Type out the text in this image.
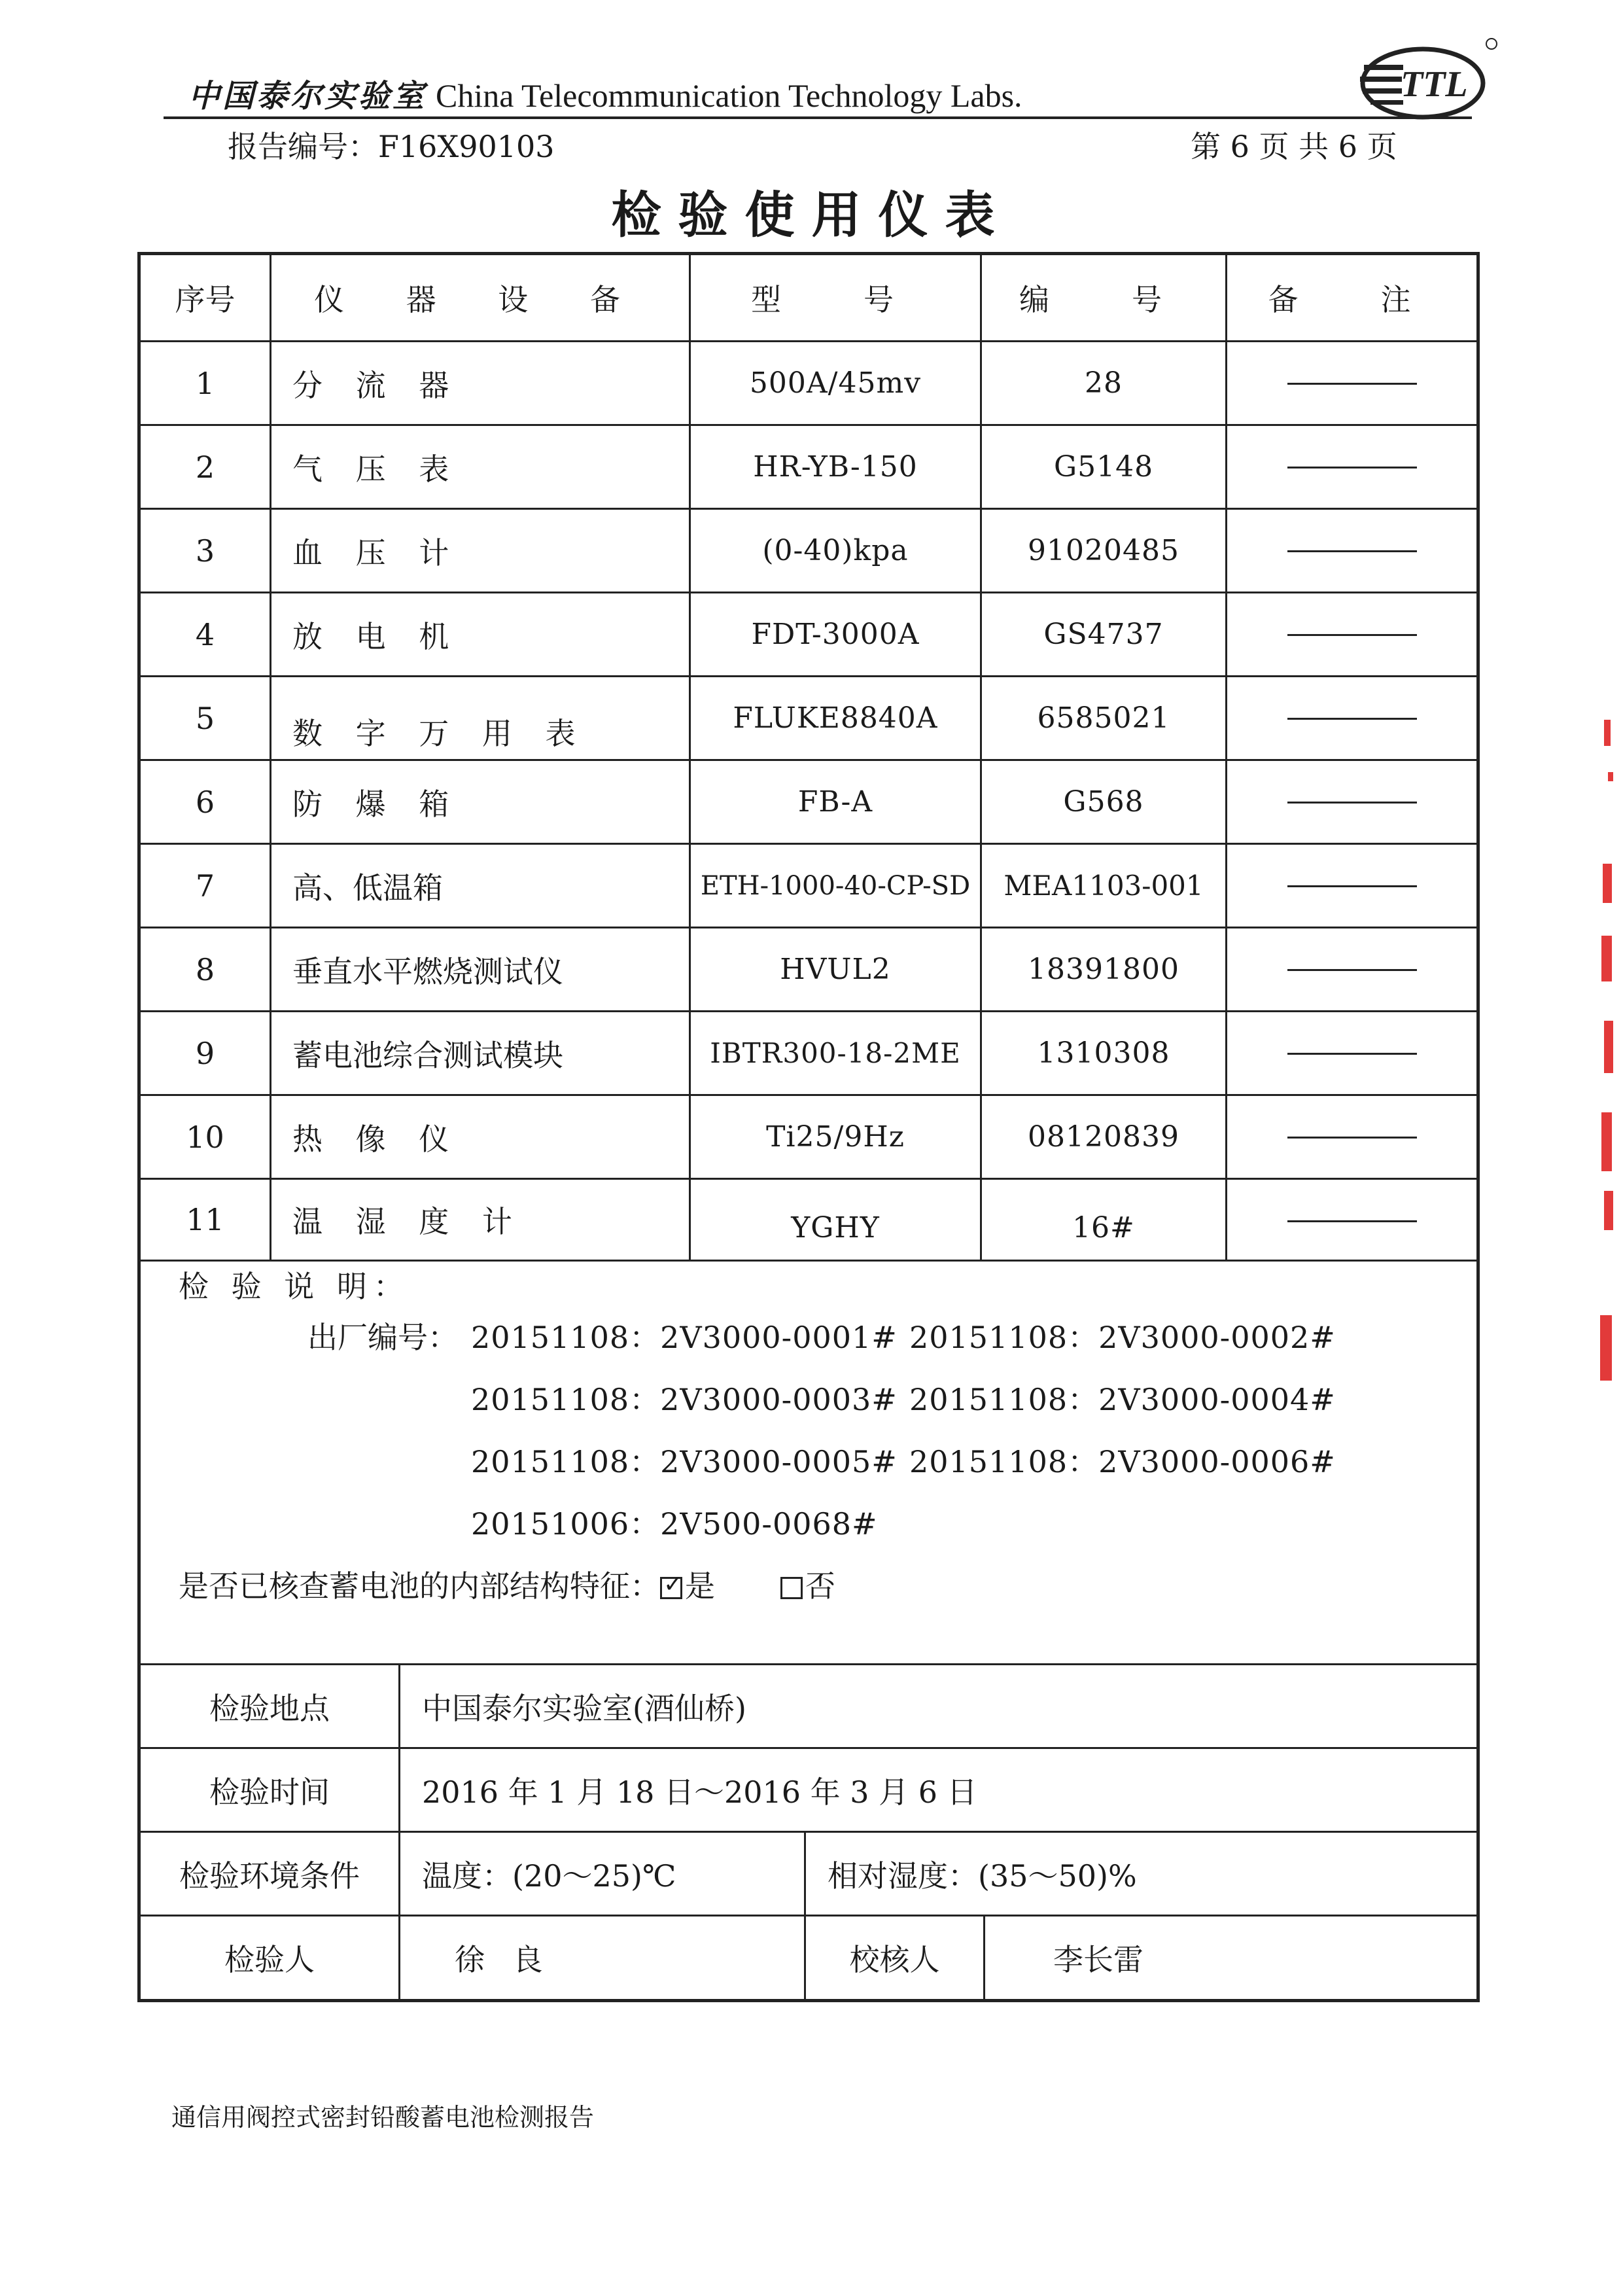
中国泰尔实验室 China Telecommunication Technology Labs.	TTL
报告编号：F16X90103	第 6 页 共 6 页
检验使用仪表
序号	仪 器 设 备	型　号	编　号	备　注
1	分 流 器	500A/45mv	28
2	气 压 表	HR-YB-150	G5148
3	血 压 计	(0-40)kpa	91020485
4	放 电 机	FDT-3000A	GS4737
5	数 字 万 用 表	FLUKE8840A	6585021
6	防 爆 箱	FB-A	G568
7	高、低温箱	ETH-1000-40-CP-SD	MEA1103-001
8	垂直水平燃烧测试仪	HVUL2	18391800
9	蓄电池综合测试模块	IBTR300-18-2ME	1310308
10	热 像 仪	Ti25/9Hz	08120839
11	温 湿 度 计	YGHY	16#
检 验 说 明：
出厂编号： 20151108：2V3000-0001# 20151108：2V3000-0002#
20151108：2V3000-0003# 20151108：2V3000-0004#
20151108：2V3000-0005# 20151108：2V3000-0006#
20151006：2V500-0068#
是否已核查蓄电池的内部结构特征：✓ 是	否
检验地点	中国泰尔实验室(酒仙桥)
检验时间	2016 年 1 月 18 日～2016 年 3 月 6 日
检验环境条件	温度：(20～25)℃	相对湿度：(35～50)%
检验人	徐 良	校核人	李长雷
通信用阀控式密封铅酸蓄电池检测报告
